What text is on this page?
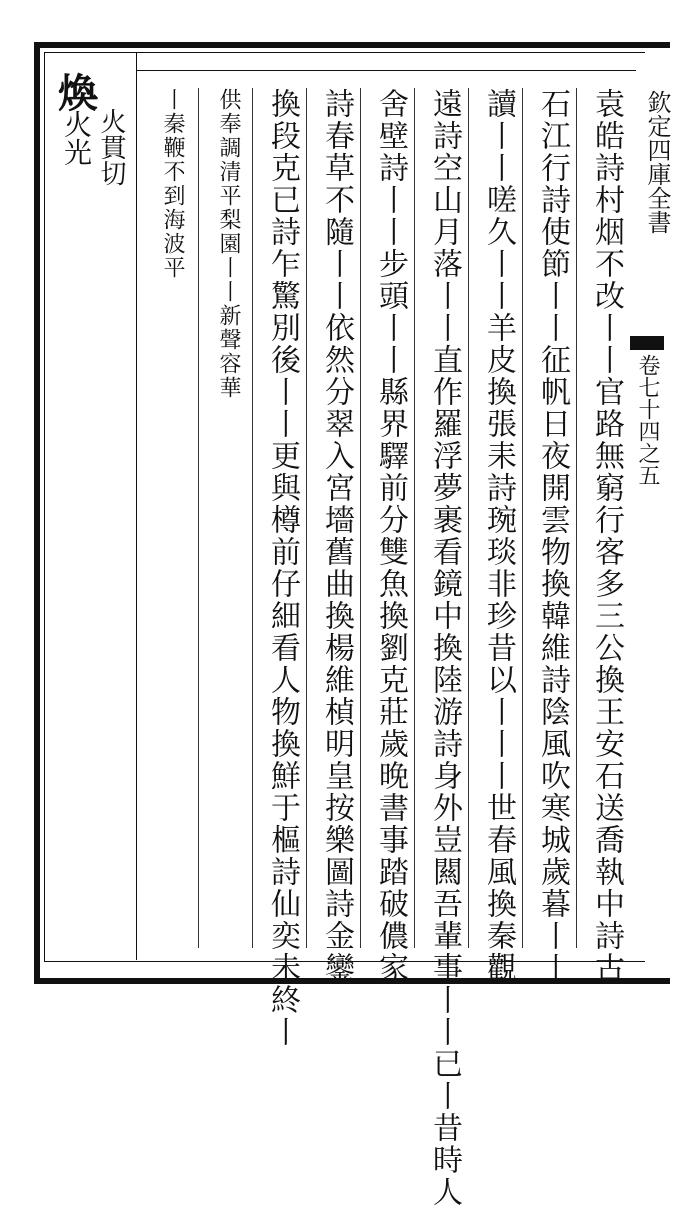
煥
火貫切
火光	欽定四庫全書
卷七十四之五
袁皓詩村烟不改丨丨官路無窮行客多三公換王安石送喬執中詩古
石江行詩使節丨丨征帆日夜開雲物換韓維詩陰風吹寒城歲暮丨丨
讀丨丨嗟久丨丨羊皮換張耒詩琬琰非珍昔以丨丨丨世春風換秦觀
遠詩空山月落丨丨直作羅浮夢裹看鏡中換陸游詩身外豈闗吾輩事丨丨已丨昔時人
舍壁詩丨丨步頭丨丨縣界驛前分雙魚換劉克莊歲晚書事踏破儂家
詩春草不隨丨丨依然分翠入宮墻舊曲換楊維楨明皇按樂圖詩金鑾
換段克已詩乍驚別後丨丨更與樽前仔細看人物換鮮于樞詩仙奕未終丨
供奉調清平梨園丨丨新聲容華
丨秦鞭不到海波平
